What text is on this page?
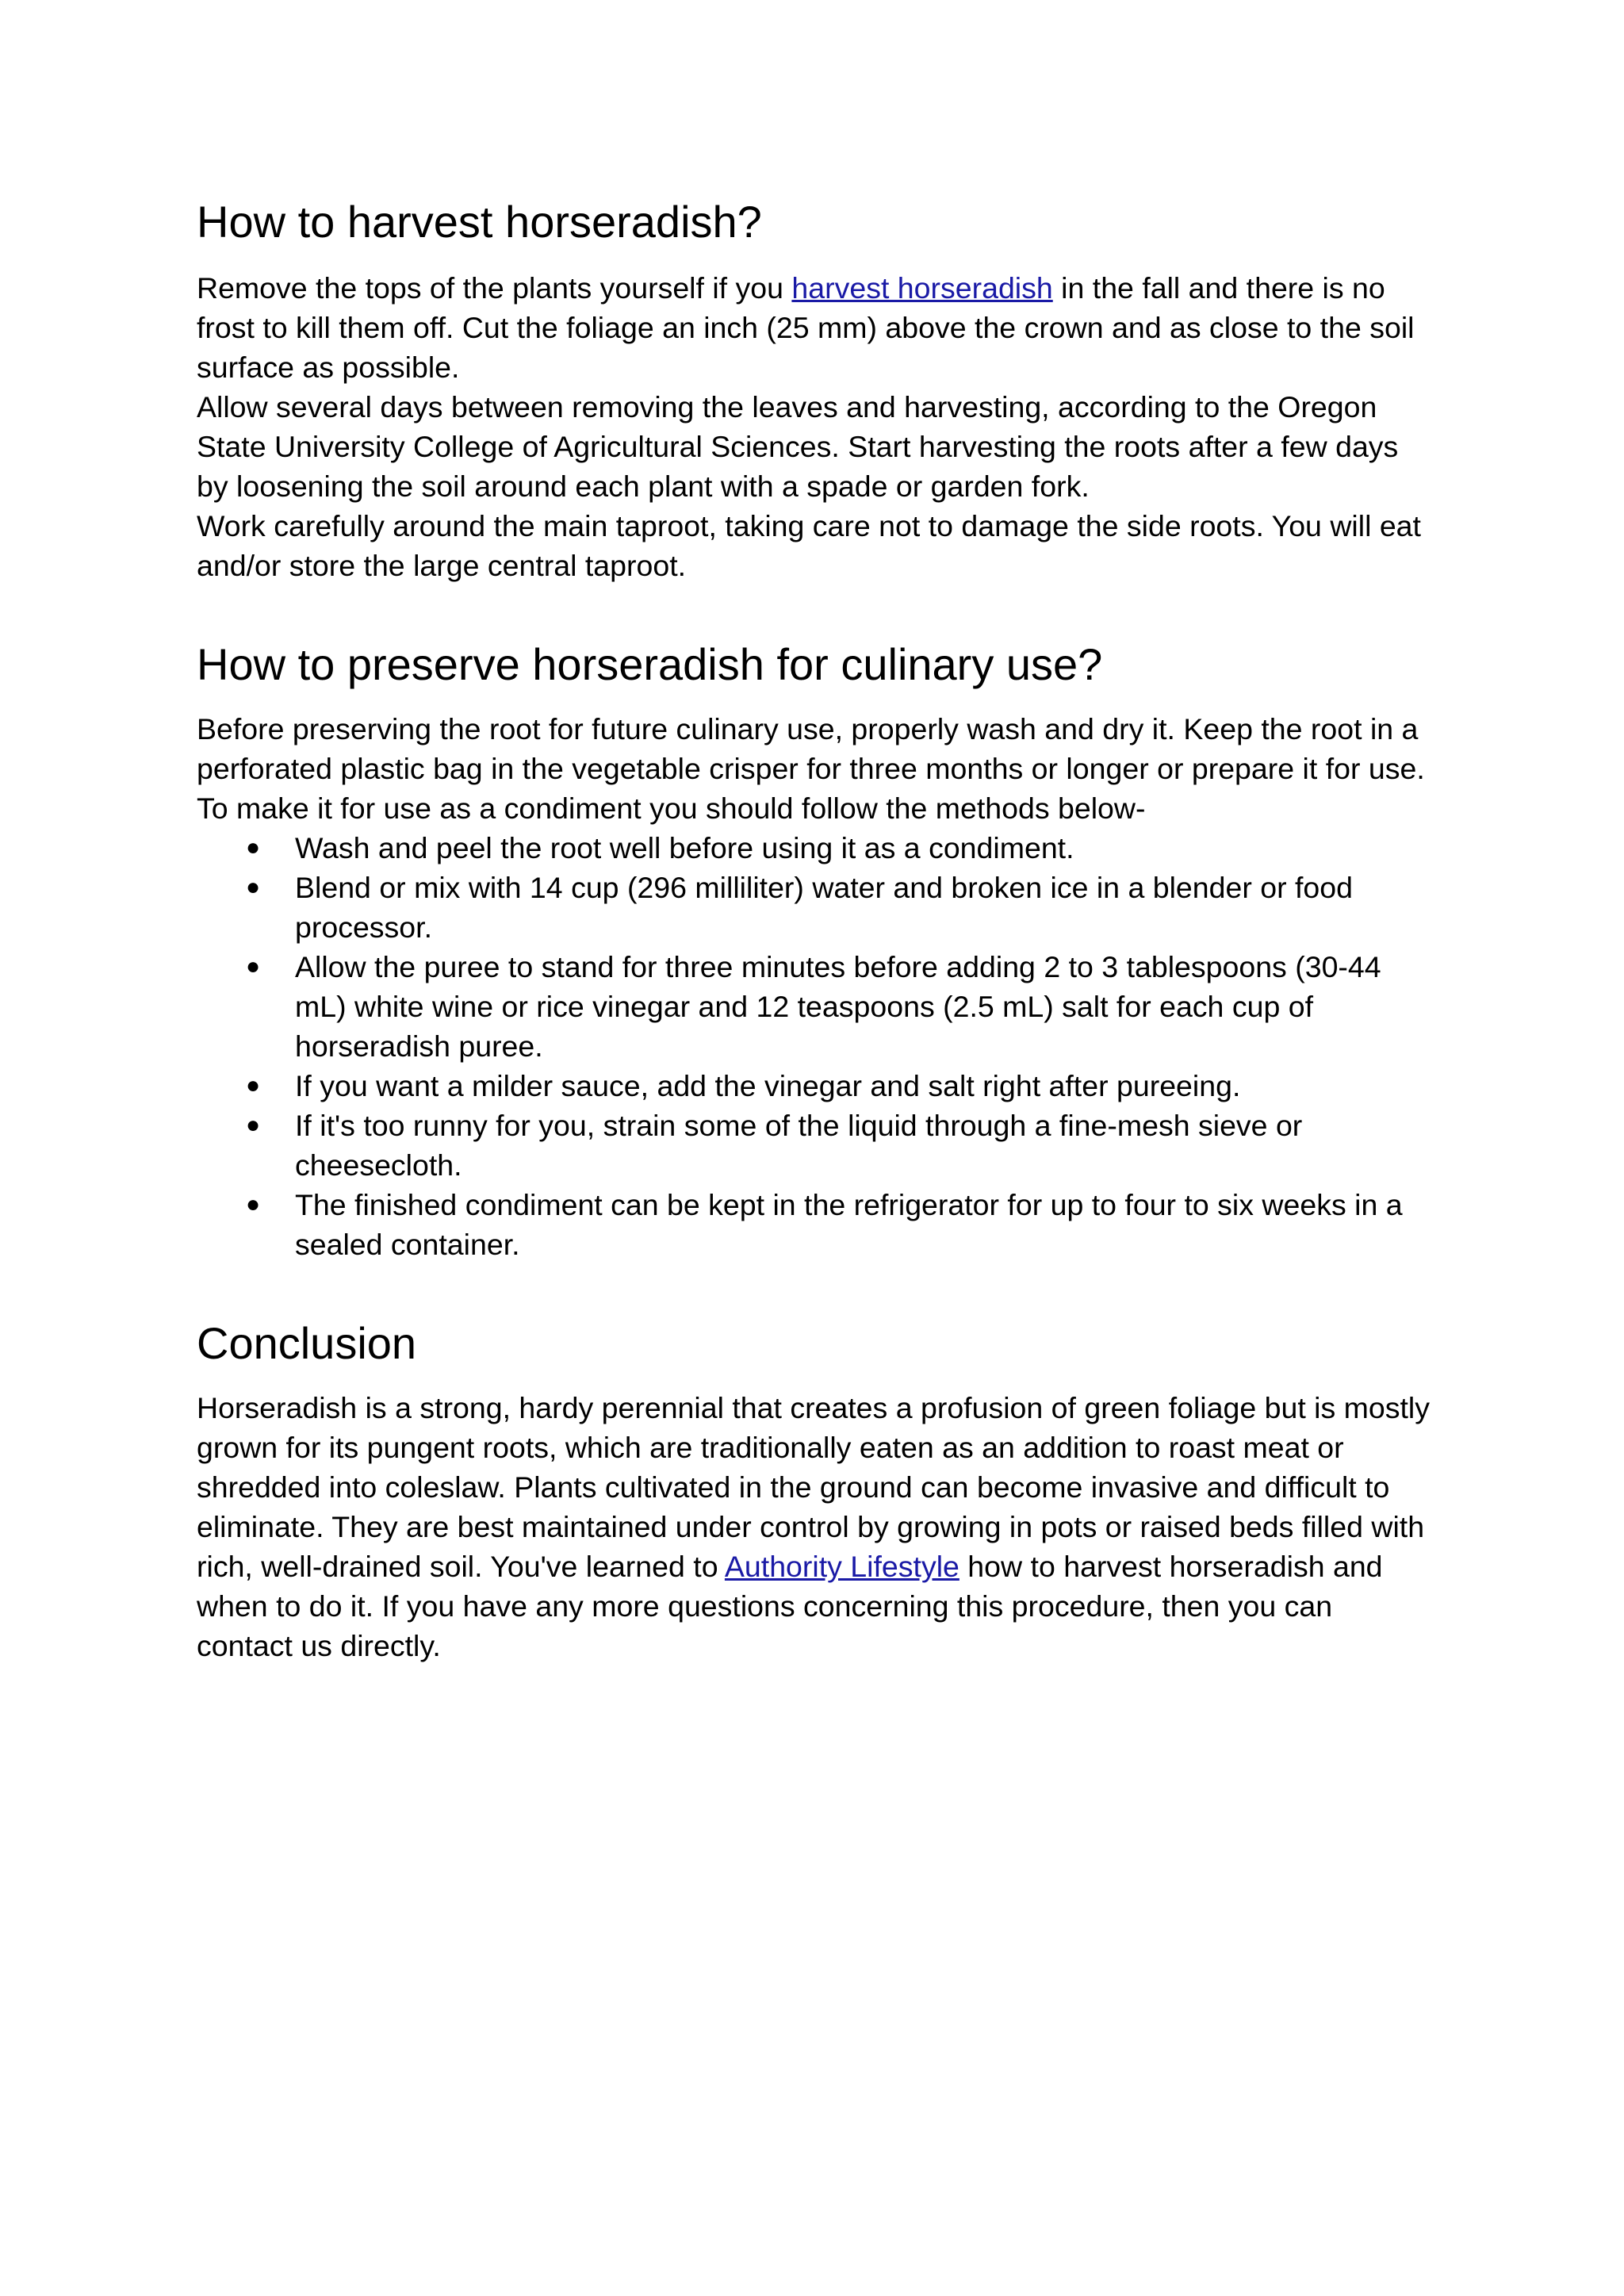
How to harvest horseradish?

Remove the tops of the plants yourself if you harvest horseradish in the fall and there is no frost to kill them off. Cut the foliage an inch (25 mm) above the crown and as close to the soil surface as possible.

Allow several days between removing the leaves and harvesting, according to the Oregon State University College of Agricultural Sciences. Start harvesting the roots after a few days by loosening the soil around each plant with a spade or garden fork.

Work carefully around the main taproot, taking care not to damage the side roots. You will eat and/or store the large central taproot.

How to preserve horseradish for culinary use?

Before preserving the root for future culinary use, properly wash and dry it. Keep the root in a perforated plastic bag in the vegetable crisper for three months or longer or prepare it for use. To make it for use as a condiment you should follow the methods below-

● Wash and peel the root well before using it as a condiment.
● Blend or mix with 14 cup (296 milliliter) water and broken ice in a blender or food processor.
● Allow the puree to stand for three minutes before adding 2 to 3 tablespoons (30-44 mL) white wine or rice vinegar and 12 teaspoons (2.5 mL) salt for each cup of horseradish puree.
● If you want a milder sauce, add the vinegar and salt right after pureeing.
● If it's too runny for you, strain some of the liquid through a fine-mesh sieve or cheesecloth.
● The finished condiment can be kept in the refrigerator for up to four to six weeks in a sealed container.
Conclusion

Horseradish is a strong, hardy perennial that creates a profusion of green foliage but is mostly grown for its pungent roots, which are traditionally eaten as an addition to roast meat or shredded into coleslaw. Plants cultivated in the ground can become invasive and difficult to eliminate. They are best maintained under control by growing in pots or raised beds filled with rich, well-drained soil. You've learned to Authority Lifestyle how to harvest horseradish and when to do it. If you have any more questions concerning this procedure, then you can contact us directly.
